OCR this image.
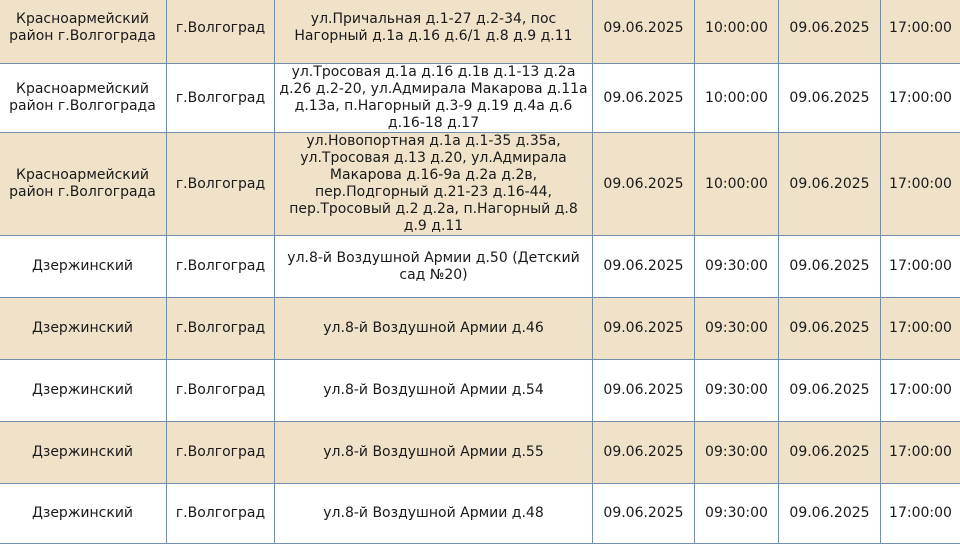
Красноармейский район г.Волгограда	г.Волгоград	ул.Причальная д.1-27 д.2-34, пос Нагорный д.1а д.16 д.6/1 д.8 д.9 д.11	09.06.2025	10:00:00	09.06.2025	17:00:00
Красноармейский район г.Волгограда	г.Волгоград	ул.Тросовая д.1а д.16 д.1в д.1-13 д.2а д.26 д.2-20, ул.Адмирала Макарова д.11а д.13а, п.Нагорный д.3-9 д.19 д.4а д.6 д.16-18 д.17	09.06.2025	10:00:00	09.06.2025	17:00:00
Красноармейский район г.Волгограда	г.Волгоград	ул.Новопортная д.1а д.1-35 д.35а, ул.Тросовая д.13 д.20, ул.Адмирала Макарова д.16-9а д.2а д.2в, пер.Подгорный д.21-23 д.16-44, пер.Тросовый д.2 д.2а, п.Нагорный д.8 д.9 д.11	09.06.2025	10:00:00	09.06.2025	17:00:00
Дзержинский	г.Волгоград	ул.8-й Воздушной Армии д.50 (Детский сад №20)	09.06.2025	09:30:00	09.06.2025	17:00:00
Дзержинский	г.Волгоград	ул.8-й Воздушной Армии д.46	09.06.2025	09:30:00	09.06.2025	17:00:00
Дзержинский	г.Волгоград	ул.8-й Воздушной Армии д.54	09.06.2025	09:30:00	09.06.2025	17:00:00
Дзержинский	г.Волгоград	ул.8-й Воздушной Армии д.55	09.06.2025	09:30:00	09.06.2025	17:00:00
Дзержинский	г.Волгоград	ул.8-й Воздушной Армии д.48	09.06.2025	09:30:00	09.06.2025	17:00:00
